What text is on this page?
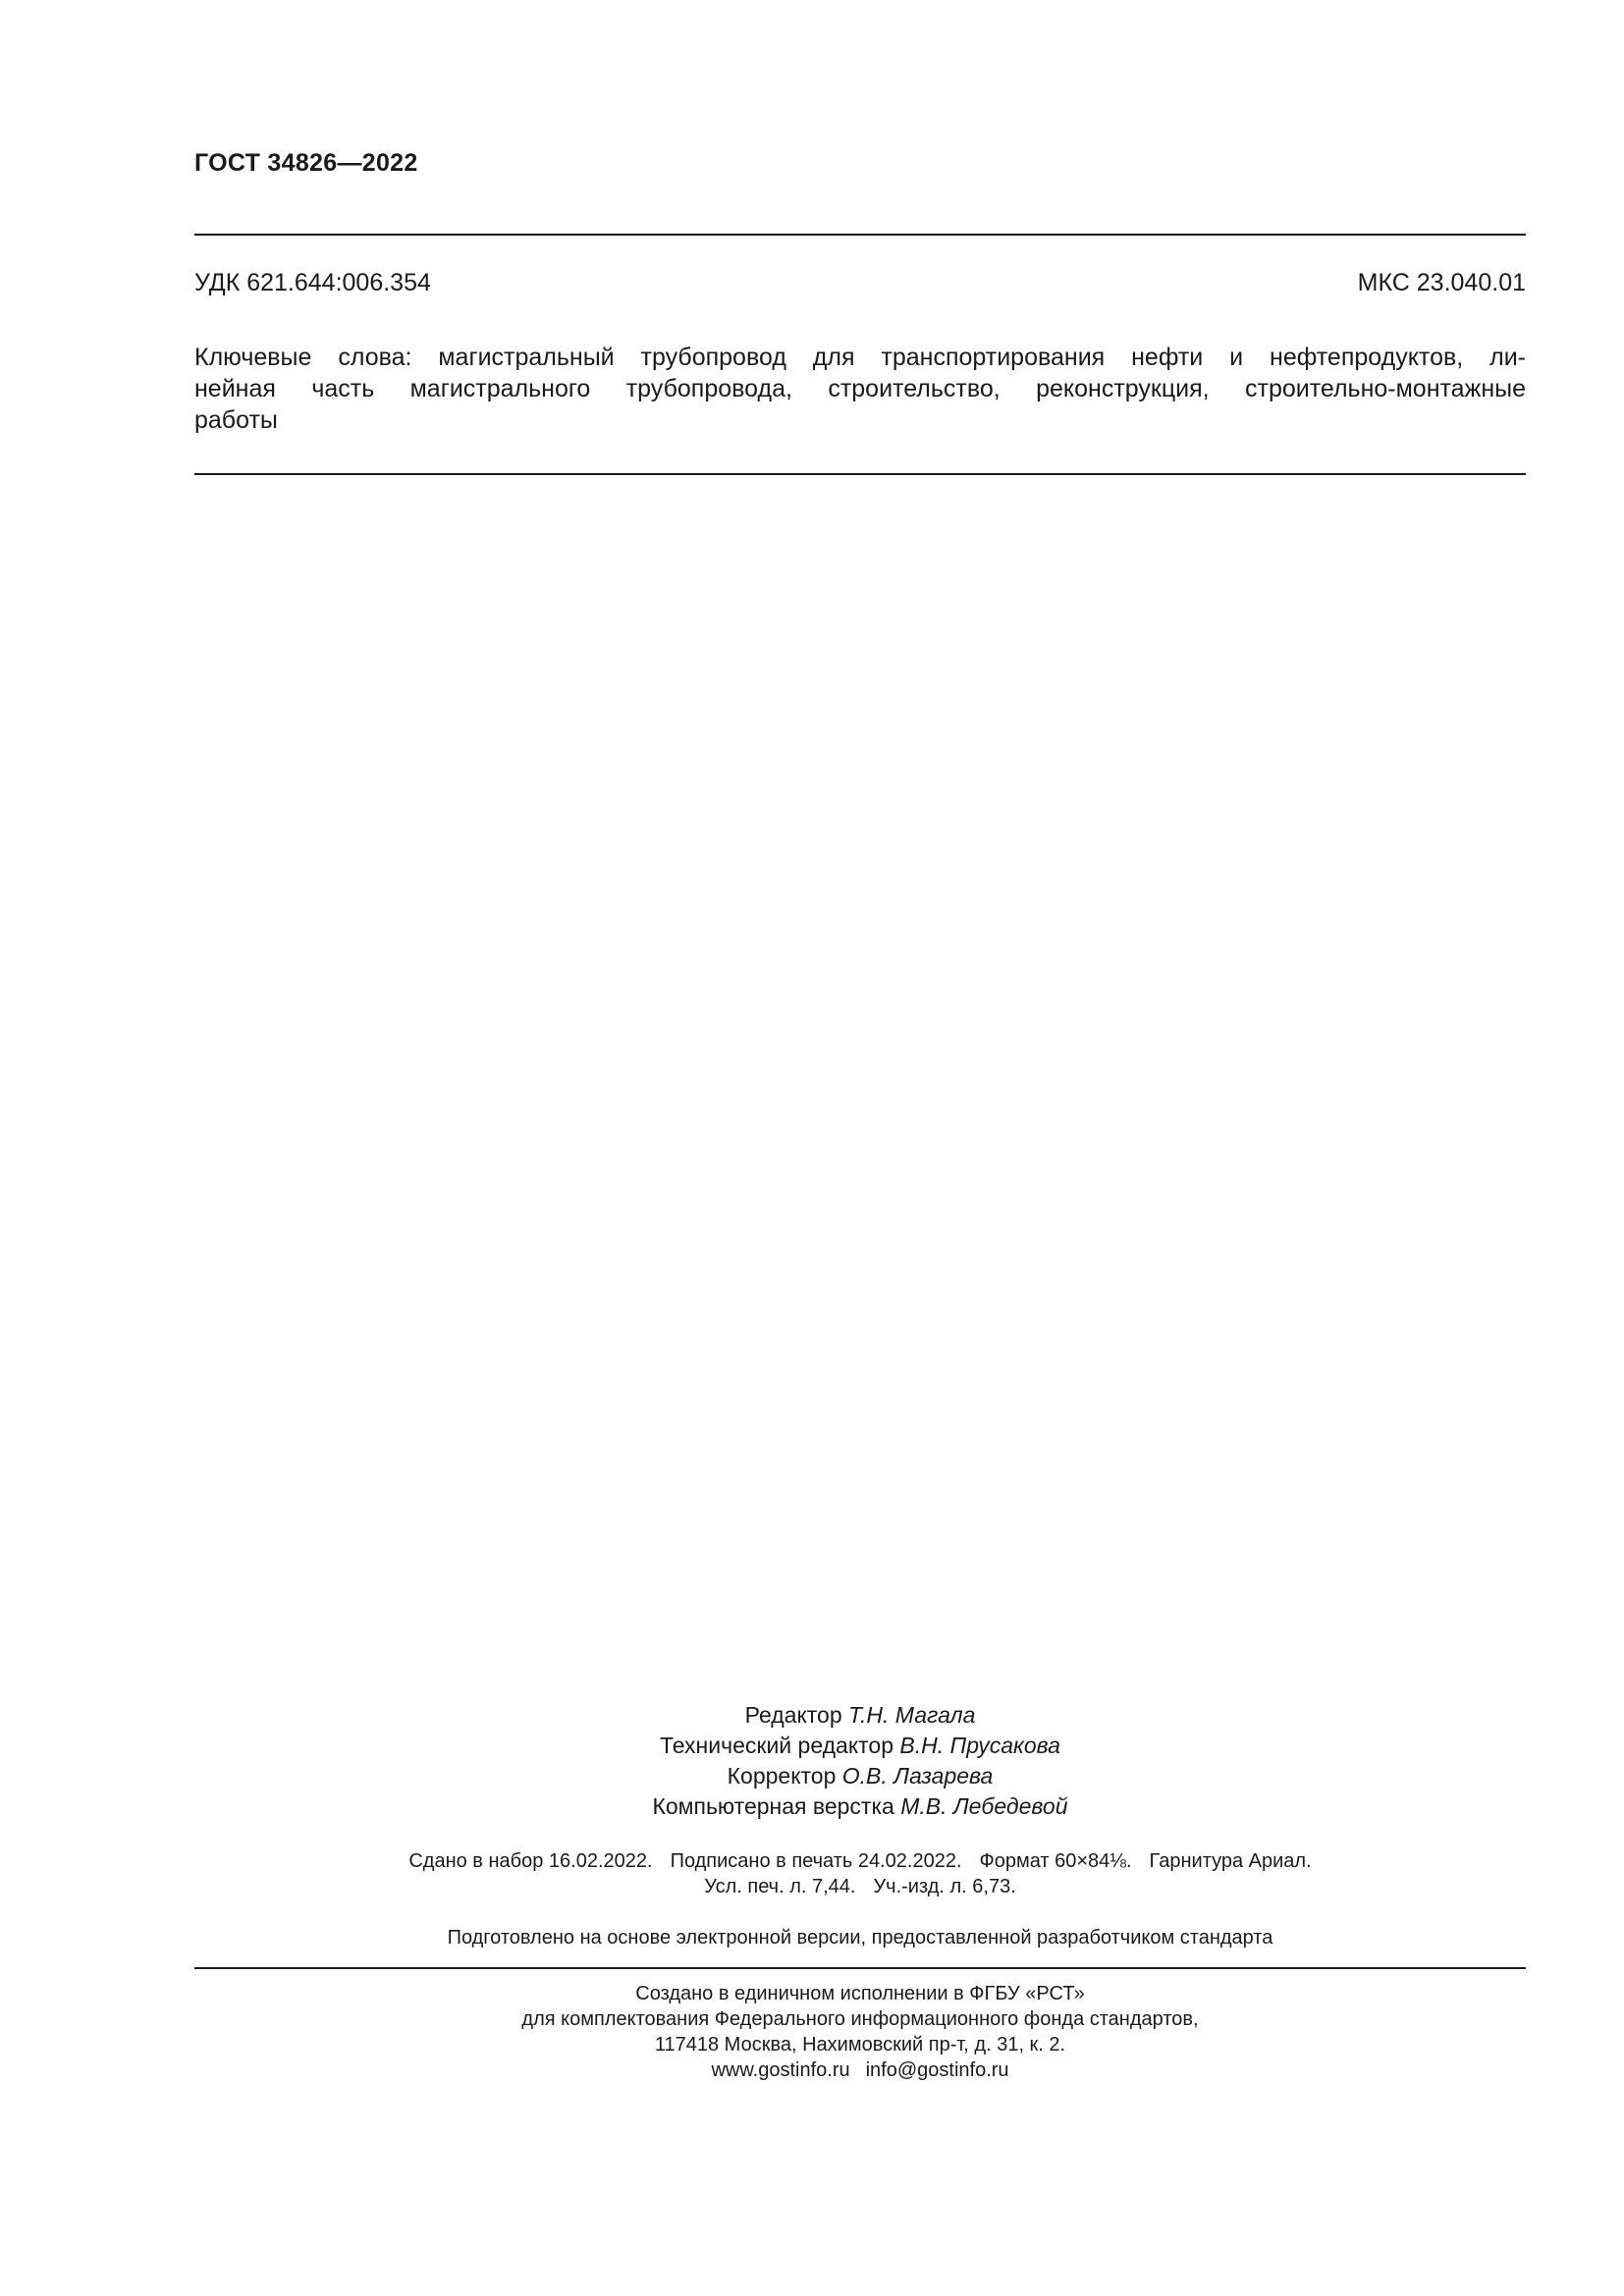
ГОСТ 34826—2022
УДК 621.644:006.354	МКС 23.040.01
Ключевые слова: магистральный трубопровод для транспортирования нефти и нефтепродуктов, ли-
нейная часть магистрального трубопровода, строительство, реконструкция, строительно-монтажные
работы
Редактор Т.Н. Магала
Технический редактор В.Н. Прусакова
Корректор О.В. Лазарева
Компьютерная верстка М.В. Лебедевой
Сдано в набор 16.02.2022. Подписано в печать 24.02.2022. Формат 60×84⅛. Гарнитура Ариал.
Усл. печ. л. 7,44. Уч.-изд. л. 6,73.
Подготовлено на основе электронной версии, предоставленной разработчиком стандарта
Создано в единичном исполнении в ФГБУ «РСТ»
для комплектования Федерального информационного фонда стандартов,
117418 Москва, Нахимовский пр-т, д. 31, к. 2.
www.gostinfo.ru info@gostinfo.ru
